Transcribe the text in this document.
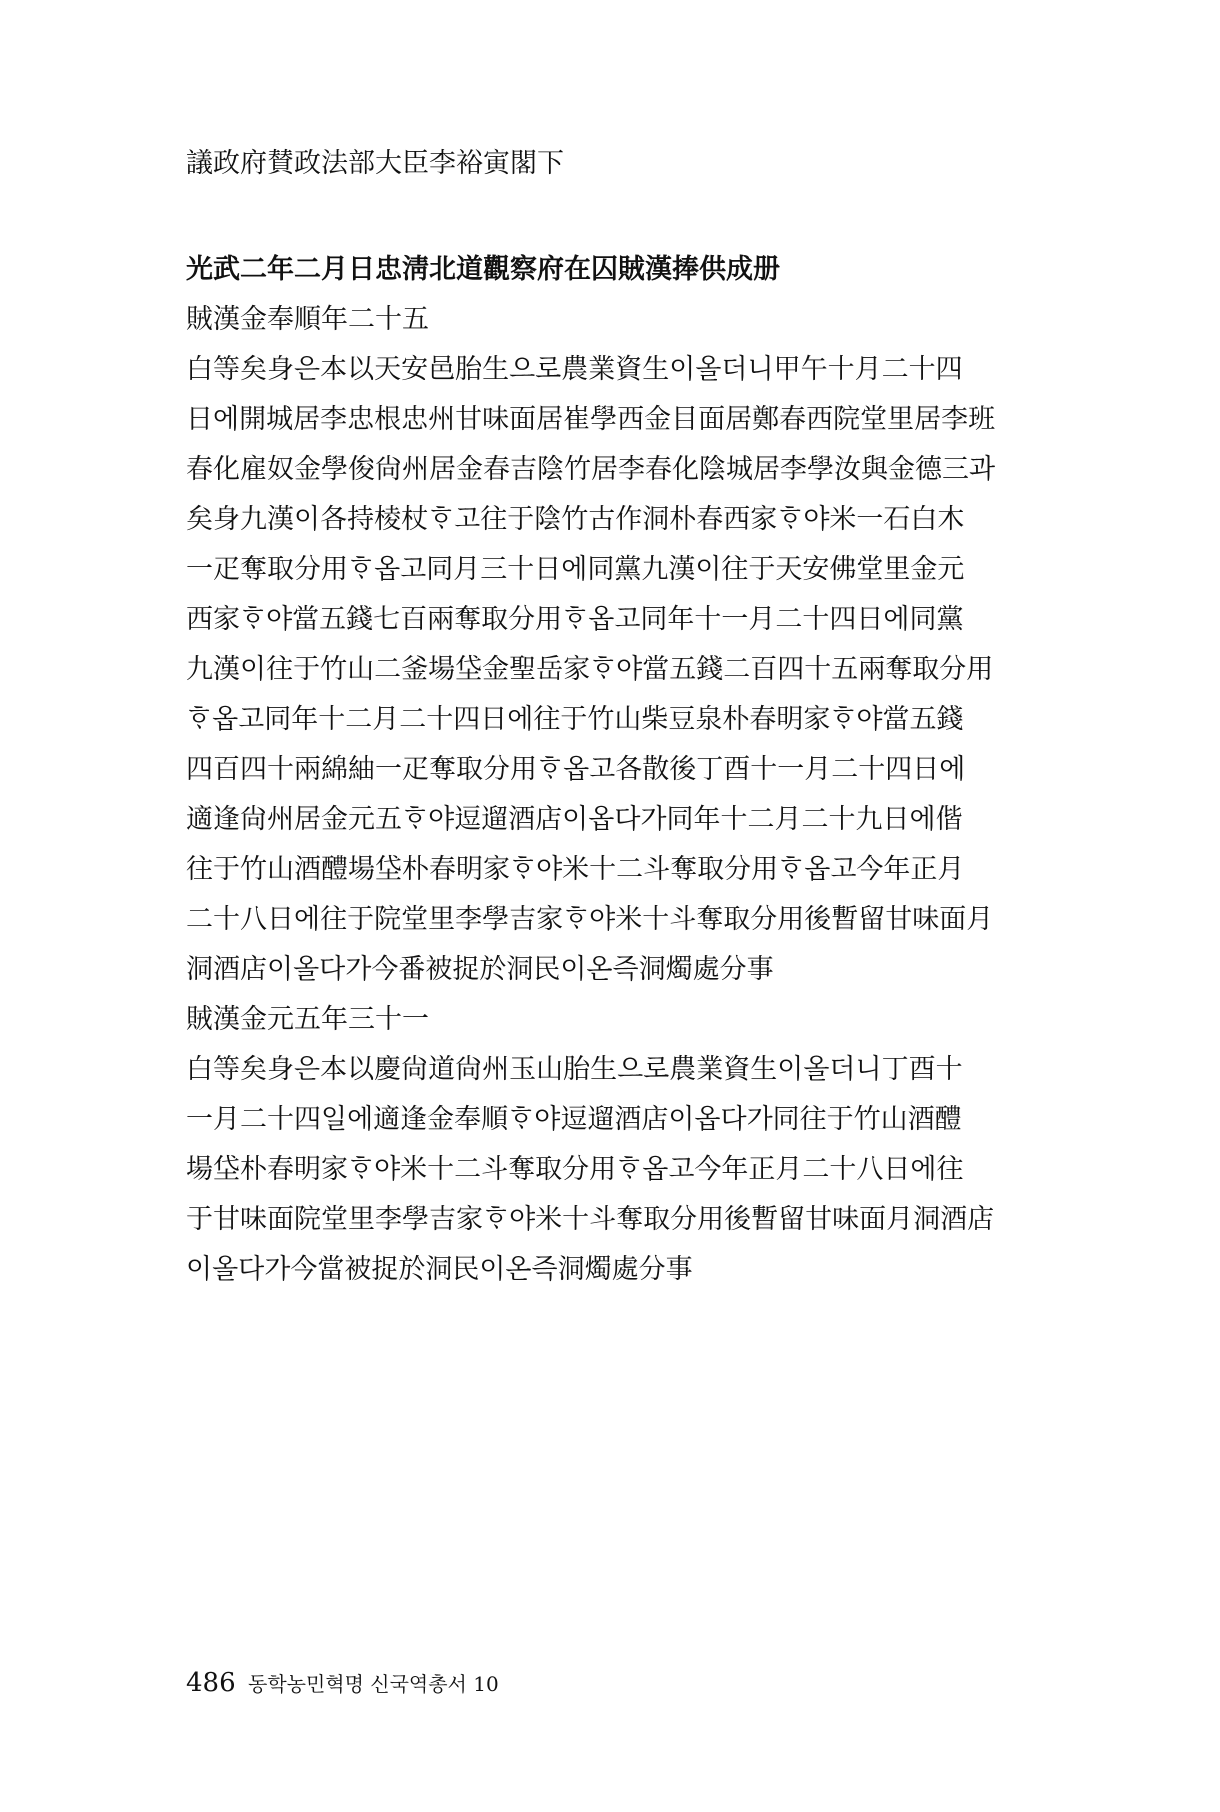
議政府賛政法部大臣李裕寅閣下
光武二年二月日忠淸北道觀察府在囚賊漢捧供成册
賊漢金奉順年二十五
白等矣身은本以天安邑胎生으로農業資生이올더니甲午十月二十四
日에開城居李忠根忠州甘味面居崔學西金目面居鄭春西院堂里居李班
春化雇奴金學俊尙州居金春吉陰竹居李春化陰城居李學汝與金德三과
矣身九漢이各持棱杖ᄒᆞ고往于陰竹古作洞朴春西家ᄒᆞ야米一石白木
一疋奪取分用ᄒᆞ옵고同月三十日에同黨九漢이往于天安佛堂里金元
西家ᄒᆞ야當五錢七百兩奪取分用ᄒᆞ옵고同年十一月二十四日에同黨
九漢이往于竹山二釜場垈金聖岳家ᄒᆞ야當五錢二百四十五兩奪取分用
ᄒᆞ옵고同年十二月二十四日에往于竹山柴豆泉朴春明家ᄒᆞ야當五錢
四百四十兩綿紬一疋奪取分用ᄒᆞ옵고各散後丁酉十一月二十四日에
適逢尙州居金元五ᄒᆞ야逗遛酒店이옵다가同年十二月二十九日에偕
往于竹山酒醴場垈朴春明家ᄒᆞ야米十二斗奪取分用ᄒᆞ옵고今年正月
二十八日에往于院堂里李學吉家ᄒᆞ야米十斗奪取分用後暫留甘味面月
洞酒店이올다가今番被捉於洞民이온즉洞燭處分事
賊漢金元五年三十一
白等矣身은本以慶尙道尙州玉山胎生으로農業資生이올더니丁酉十
一月二十四일에適逢金奉順ᄒᆞ야逗遛酒店이옵다가同往于竹山酒醴
場垈朴春明家ᄒᆞ야米十二斗奪取分用ᄒᆞ옵고今年正月二十八日에往
于甘味面院堂里李學吉家ᄒᆞ야米十斗奪取分用後暫留甘味面月洞酒店
이올다가今當被捉於洞民이온즉洞燭處分事
486 동학농민혁명 신국역총서 10
